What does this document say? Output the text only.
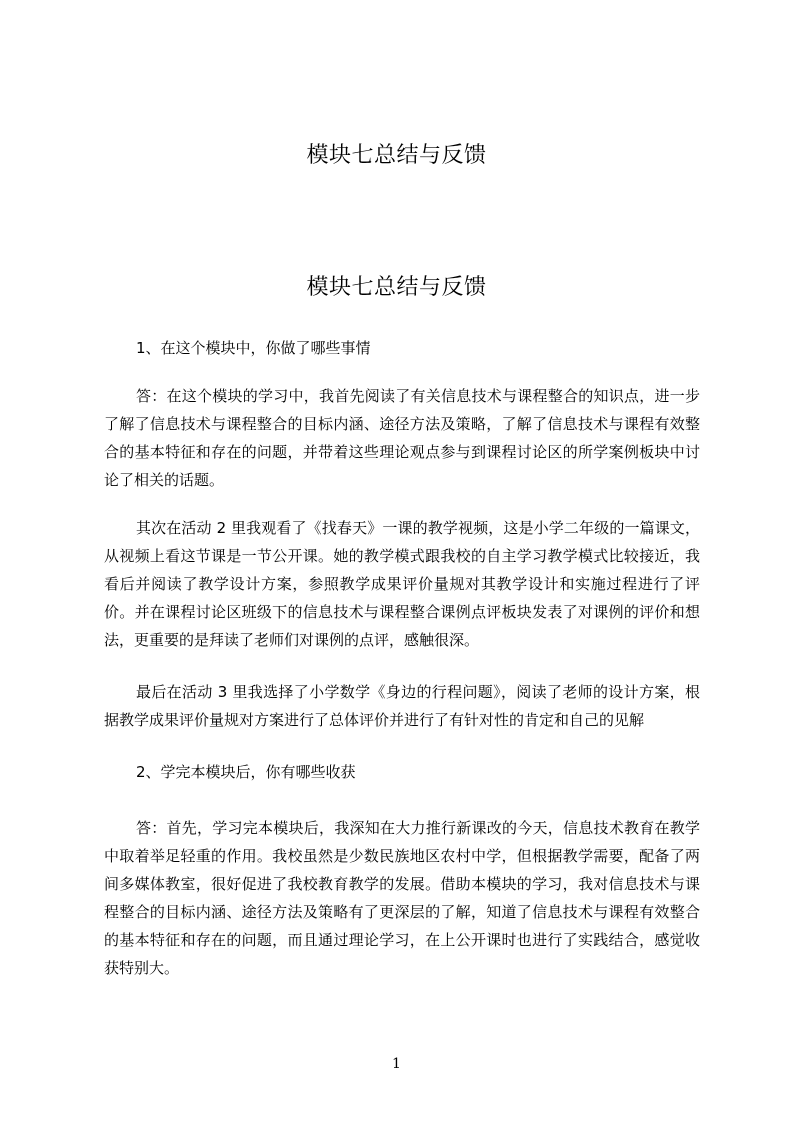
模块七总结与反馈
模块七总结与反馈
1、在这个模块中，你做了哪些事情
答：在这个模块的学习中，我首先阅读了有关信息技术与课程整合的知识点，进一步了解了信息技术与课程整合的目标内涵、途径方法及策略，了解了信息技术与课程有效整合的基本特征和存在的问题，并带着这些理论观点参与到课程讨论区的所学案例板块中讨论了相关的话题。
其次在活动 2 里我观看了《找春天》一课的教学视频，这是小学二年级的一篇课文，从视频上看这节课是一节公开课。她的教学模式跟我校的自主学习教学模式比较接近，我看后并阅读了教学设计方案，参照教学成果评价量规对其教学设计和实施过程进行了评价。并在课程讨论区班级下的信息技术与课程整合课例点评板块发表了对课例的评价和想法，更重要的是拜读了老师们对课例的点评，感触很深。
最后在活动 3 里我选择了小学数学《身边的行程问题》，阅读了老师的设计方案，根据教学成果评价量规对方案进行了总体评价并进行了有针对性的肯定和自己的见解
2、学完本模块后，你有哪些收获
答：首先，学习完本模块后，我深知在大力推行新课改的今天，信息技术教育在教学中取着举足轻重的作用。我校虽然是少数民族地区农村中学，但根据教学需要，配备了两间多媒体教室，很好促进了我校教育教学的发展。借助本模块的学习，我对信息技术与课程整合的目标内涵、途径方法及策略有了更深层的了解，知道了信息技术与课程有效整合的基本特征和存在的问题，而且通过理论学习，在上公开课时也进行了实践结合，感觉收获特别大。
1
